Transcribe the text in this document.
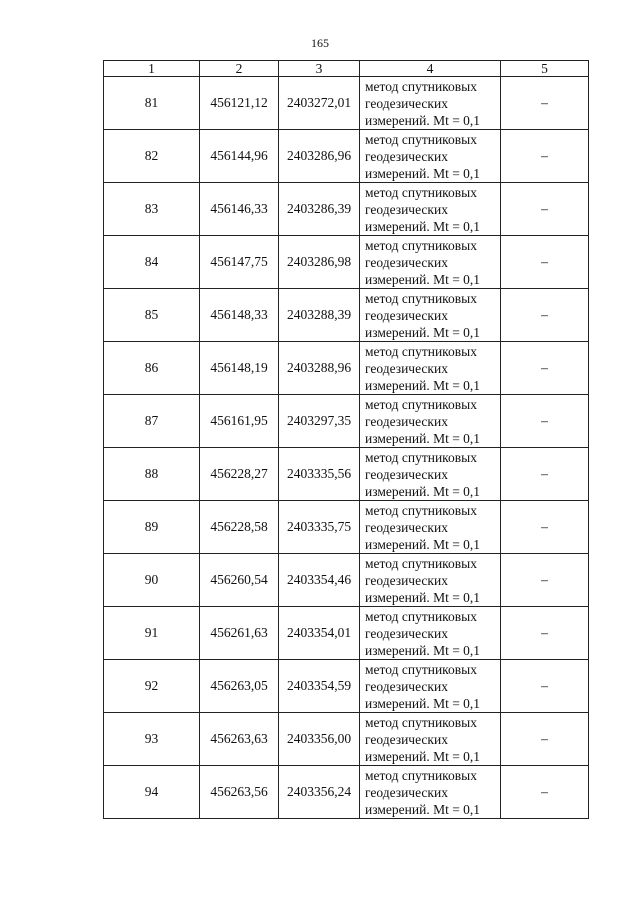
165
1	2	3	4	5
81	456121,12	2403272,01	метод спутниковых
геодезических
измерений. Mt = 0,1	–
82	456144,96	2403286,96	метод спутниковых
геодезических
измерений. Mt = 0,1	–
83	456146,33	2403286,39	метод спутниковых
геодезических
измерений. Mt = 0,1	–
84	456147,75	2403286,98	метод спутниковых
геодезических
измерений. Mt = 0,1	–
85	456148,33	2403288,39	метод спутниковых
геодезических
измерений. Mt = 0,1	–
86	456148,19	2403288,96	метод спутниковых
геодезических
измерений. Mt = 0,1	–
87	456161,95	2403297,35	метод спутниковых
геодезических
измерений. Mt = 0,1	–
88	456228,27	2403335,56	метод спутниковых
геодезических
измерений. Mt = 0,1	–
89	456228,58	2403335,75	метод спутниковых
геодезических
измерений. Mt = 0,1	–
90	456260,54	2403354,46	метод спутниковых
геодезических
измерений. Mt = 0,1	–
91	456261,63	2403354,01	метод спутниковых
геодезических
измерений. Mt = 0,1	–
92	456263,05	2403354,59	метод спутниковых
геодезических
измерений. Mt = 0,1	–
93	456263,63	2403356,00	метод спутниковых
геодезических
измерений. Mt = 0,1	–
94	456263,56	2403356,24	метод спутниковых
геодезических
измерений. Mt = 0,1	–
